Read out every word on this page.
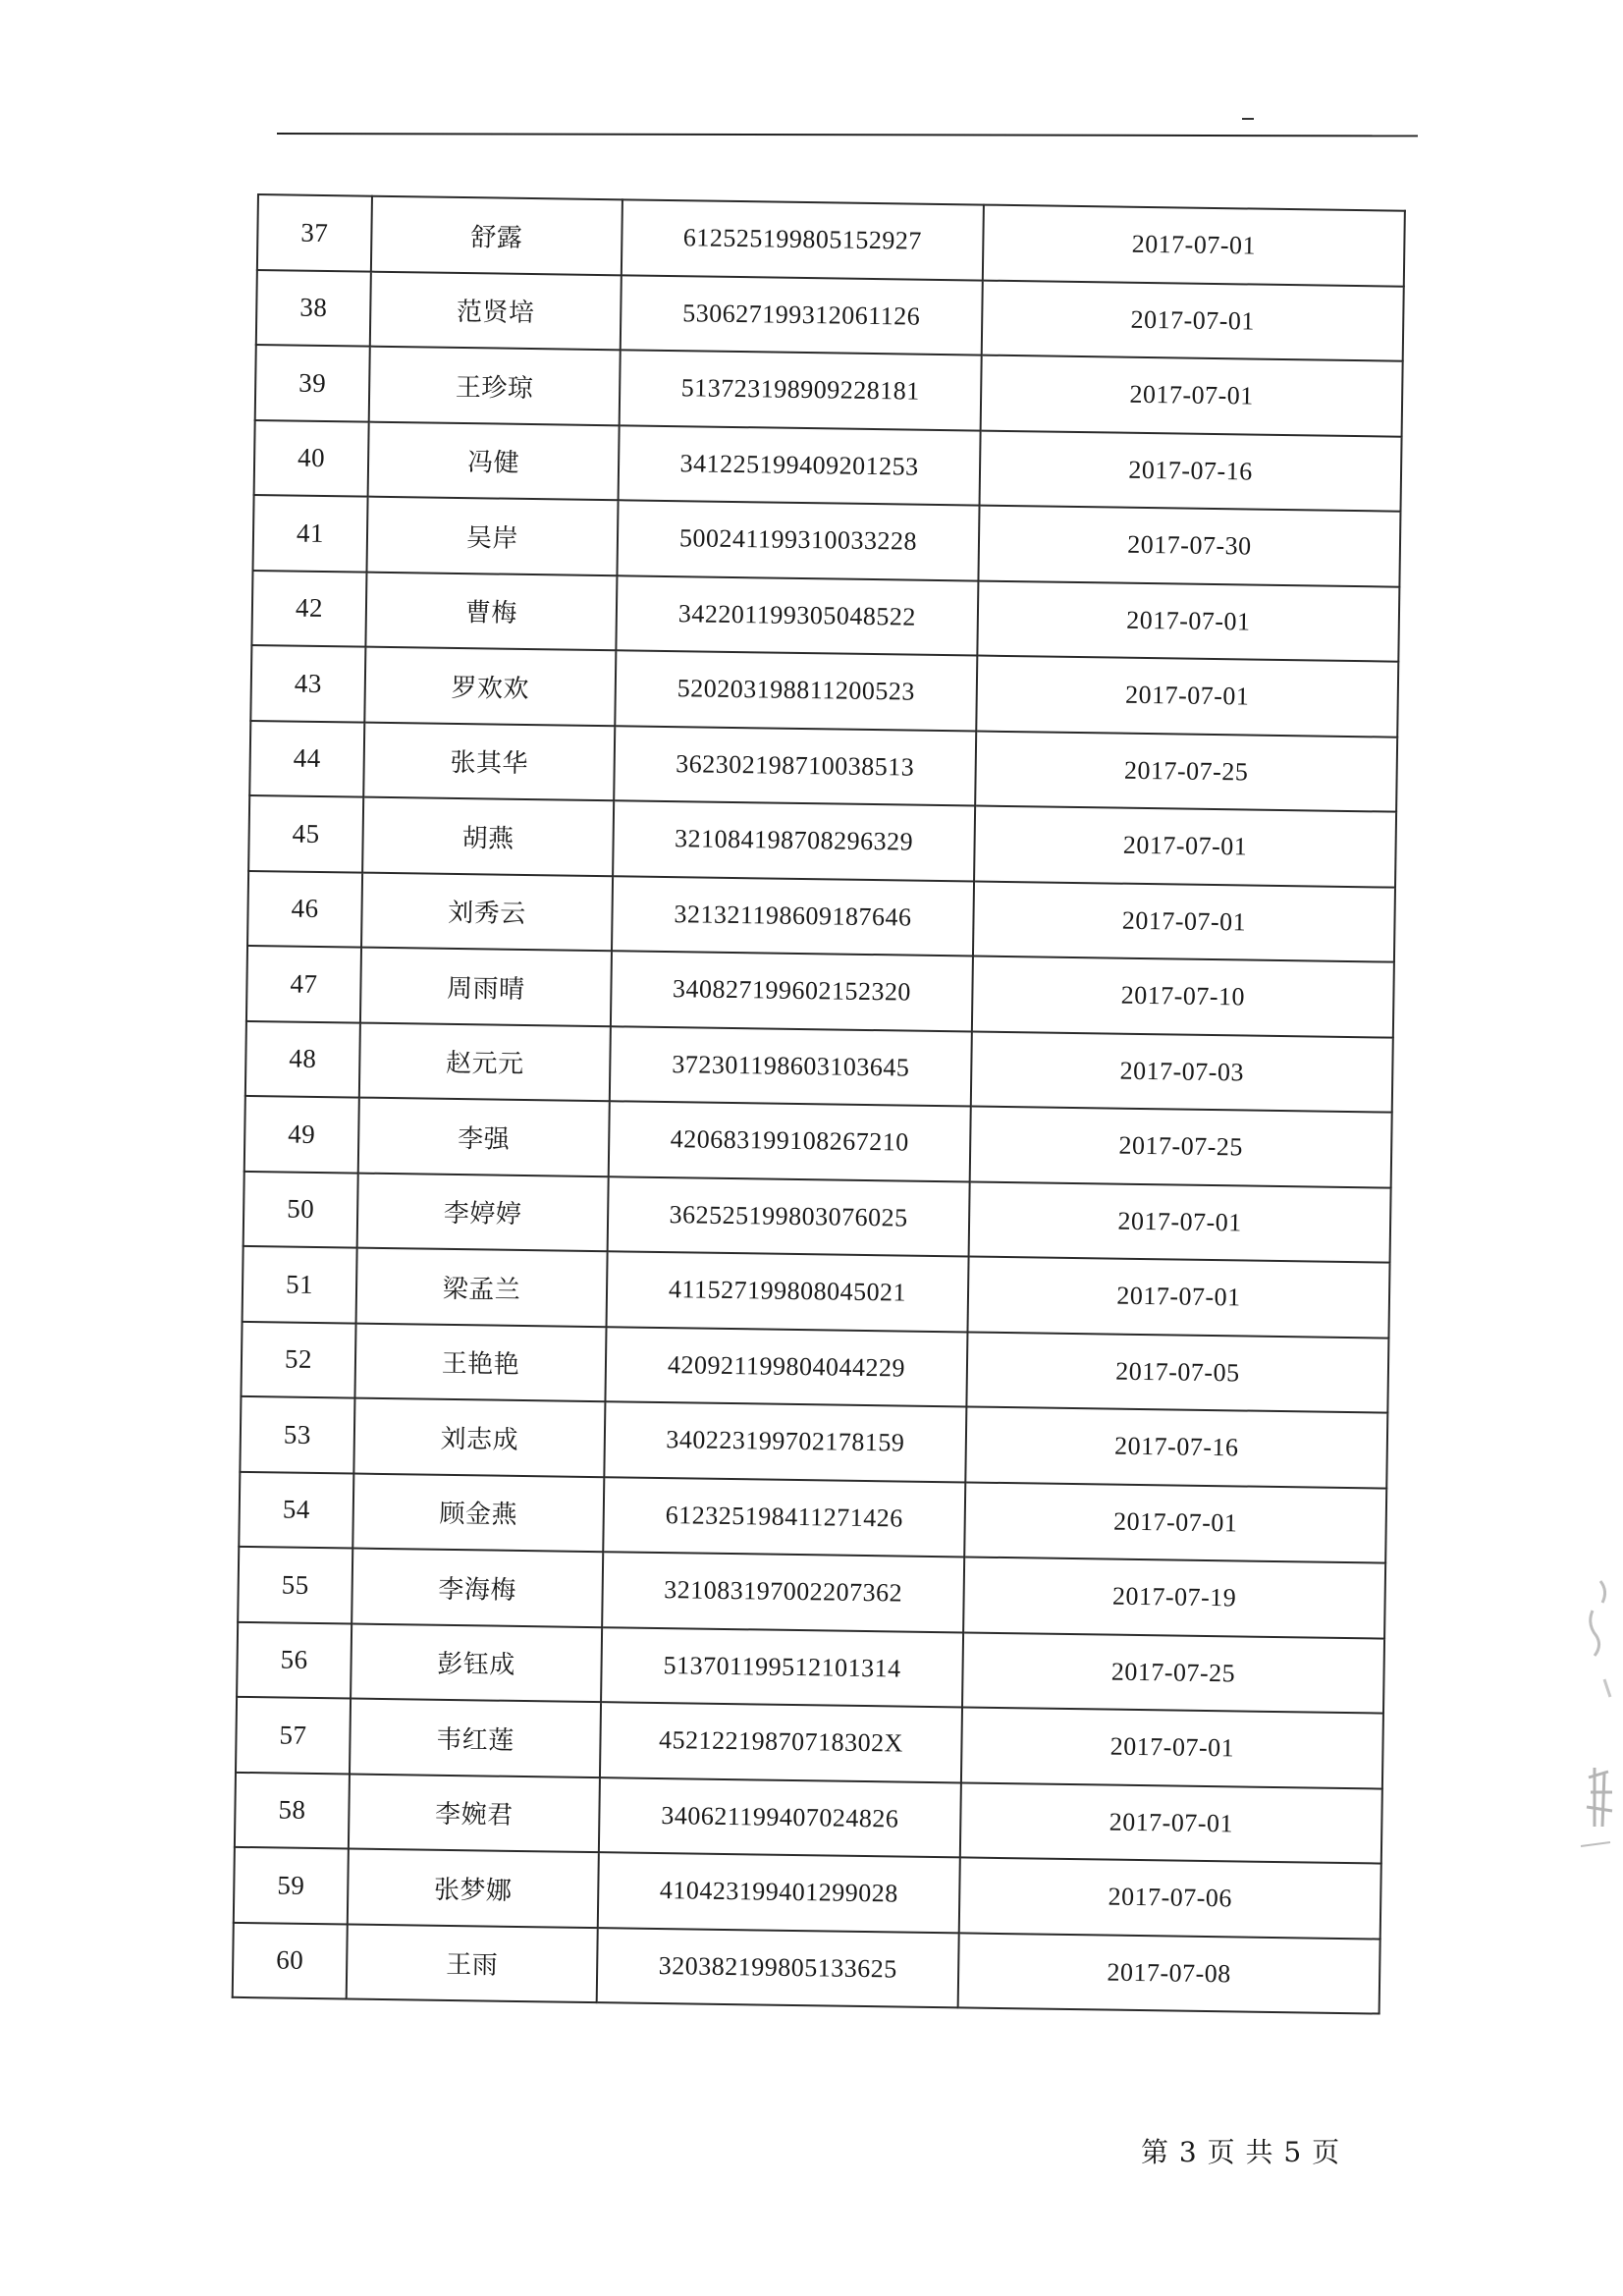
37	舒露	612525199805152927	2017-07-01
38	范贤培	530627199312061126	2017-07-01
39	王珍琼	513723198909228181	2017-07-01
40	冯健	341225199409201253	2017-07-16
41	吴岸	500241199310033228	2017-07-30
42	曹梅	342201199305048522	2017-07-01
43	罗欢欢	520203198811200523	2017-07-01
44	张其华	362302198710038513	2017-07-25
45	胡燕	321084198708296329	2017-07-01
46	刘秀云	321321198609187646	2017-07-01
47	周雨晴	340827199602152320	2017-07-10
48	赵元元	372301198603103645	2017-07-03
49	李强	420683199108267210	2017-07-25
50	李婷婷	362525199803076025	2017-07-01
51	梁孟兰	411527199808045021	2017-07-01
52	王艳艳	420921199804044229	2017-07-05
53	刘志成	340223199702178159	2017-07-16
54	顾金燕	612325198411271426	2017-07-01
55	李海梅	321083197002207362	2017-07-19
56	彭钰成	513701199512101314	2017-07-25
57	韦红莲	45212219870718302X	2017-07-01
58	李婉君	340621199407024826	2017-07-01
59	张梦娜	410423199401299028	2017-07-06
60	王雨	320382199805133625	2017-07-08
第 3 页 共 5 页
